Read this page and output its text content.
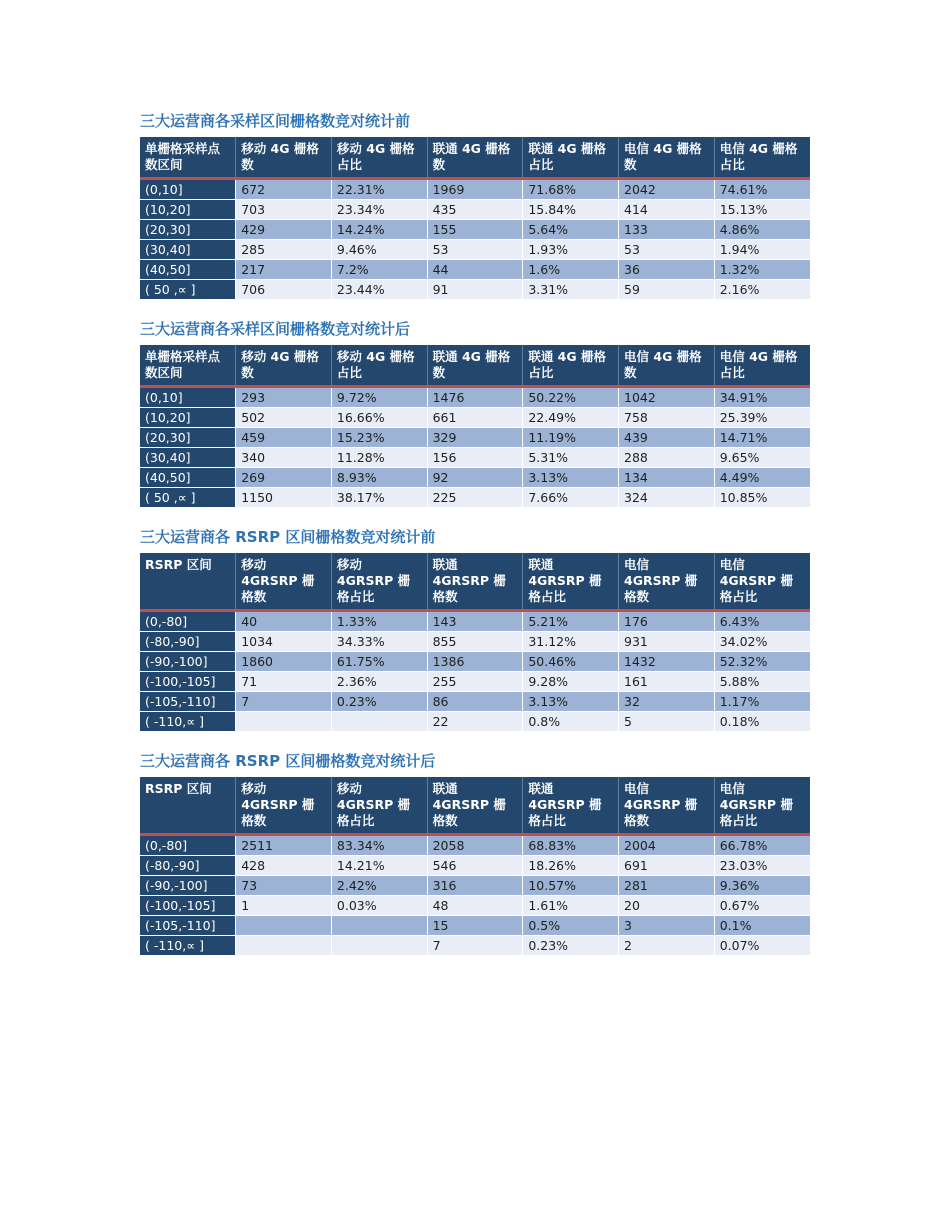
三大运营商各采样区间栅格数竞对统计前
单栅格采样点数区间	移动 4G 栅格数	移动 4G 栅格占比	联通 4G 栅格数	联通 4G 栅格占比	电信 4G 栅格数	电信 4G 栅格占比
(0,10]	672	22.31%	1969	71.68%	2042	74.61%
(10,20]	703	23.34%	435	15.84%	414	15.13%
(20,30]	429	14.24%	155	5.64%	133	4.86%
(30,40]	285	9.46%	53	1.93%	53	1.94%
(40,50]	217	7.2%	44	1.6%	36	1.32%
( 50 ,∝ ]	706	23.44%	91	3.31%	59	2.16%
三大运营商各采样区间栅格数竞对统计后
单栅格采样点数区间	移动 4G 栅格数	移动 4G 栅格占比	联通 4G 栅格数	联通 4G 栅格占比	电信 4G 栅格数	电信 4G 栅格占比
(0,10]	293	9.72%	1476	50.22%	1042	34.91%
(10,20]	502	16.66%	661	22.49%	758	25.39%
(20,30]	459	15.23%	329	11.19%	439	14.71%
(30,40]	340	11.28%	156	5.31%	288	9.65%
(40,50]	269	8.93%	92	3.13%	134	4.49%
( 50 ,∝ ]	1150	38.17%	225	7.66%	324	10.85%
三大运营商各 RSRP 区间栅格数竞对统计前
RSRP 区间	移动 4GRSRP 栅格数	移动 4GRSRP 栅格占比	联通 4GRSRP 栅格数	联通 4GRSRP 栅格占比	电信 4GRSRP 栅格数	电信 4GRSRP 栅格占比
(0,-80]	40	1.33%	143	5.21%	176	6.43%
(-80,-90]	1034	34.33%	855	31.12%	931	34.02%
(-90,-100]	1860	61.75%	1386	50.46%	1432	52.32%
(-100,-105]	71	2.36%	255	9.28%	161	5.88%
(-105,-110]	7	0.23%	86	3.13%	32	1.17%
( -110,∝ ]			22	0.8%	5	0.18%
三大运营商各 RSRP 区间栅格数竞对统计后
RSRP 区间	移动 4GRSRP 栅格数	移动 4GRSRP 栅格占比	联通 4GRSRP 栅格数	联通 4GRSRP 栅格占比	电信 4GRSRP 栅格数	电信 4GRSRP 栅格占比
(0,-80]	2511	83.34%	2058	68.83%	2004	66.78%
(-80,-90]	428	14.21%	546	18.26%	691	23.03%
(-90,-100]	73	2.42%	316	10.57%	281	9.36%
(-100,-105]	1	0.03%	48	1.61%	20	0.67%
(-105,-110]			15	0.5%	3	0.1%
( -110,∝ ]			7	0.23%	2	0.07%
